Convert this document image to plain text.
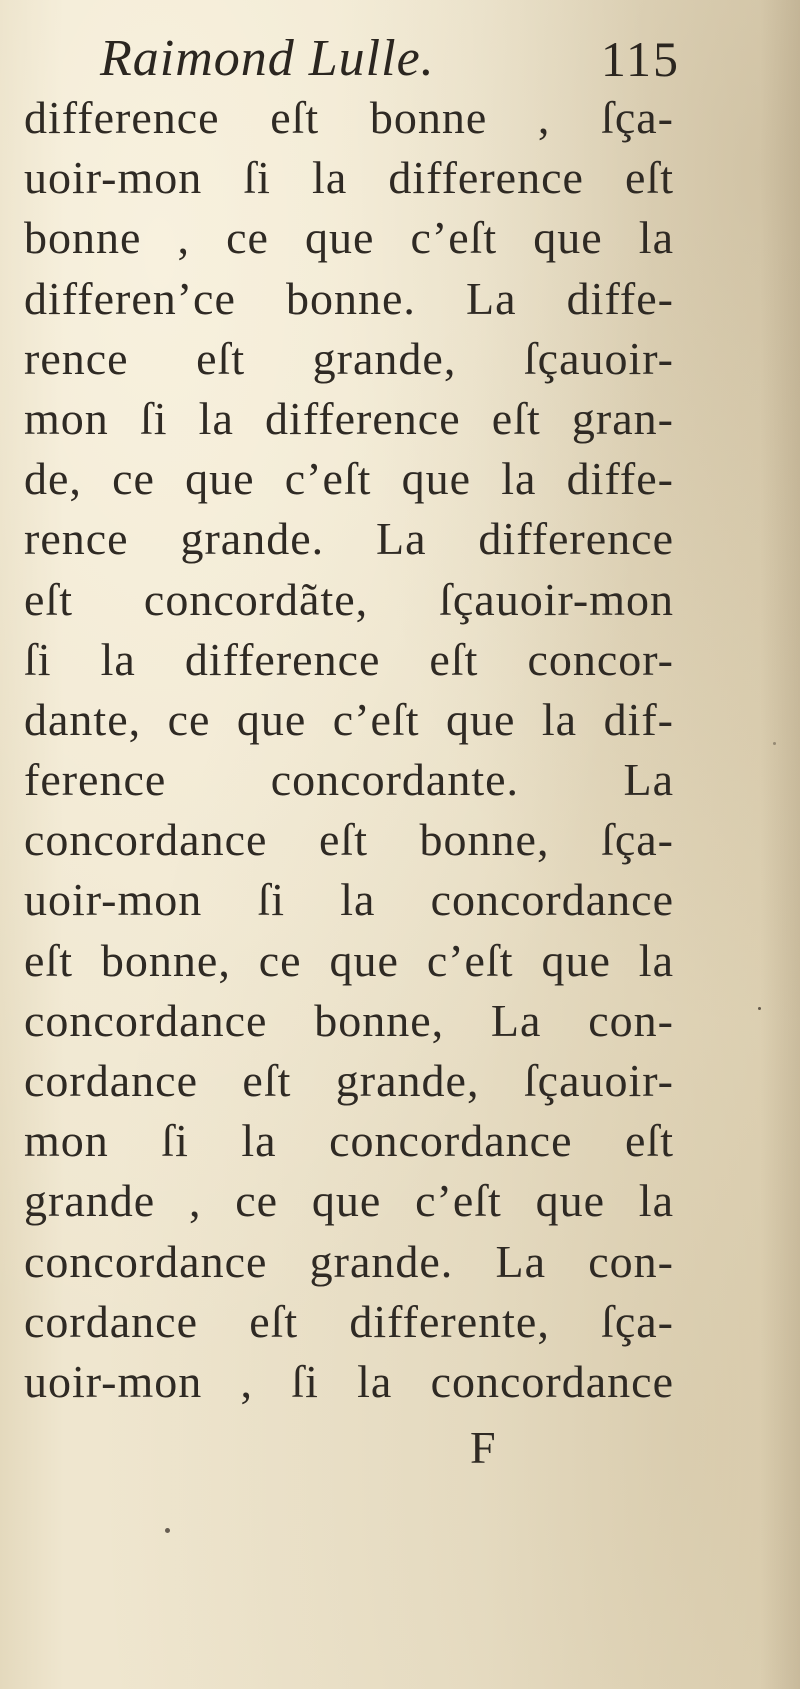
Raimond Lulle.	115
difference eſt bonne , ſça-
uoir-mon ſi la difference eſt
bonne , ce que c’eſt que la
differen’ce bonne. La diffe-
rence eſt grande, ſçauoir-
mon ſi la difference eſt gran-
de, ce que c’eſt que la diffe-
rence grande. La difference
eſt concordãte, ſçauoir-mon
ſi la difference eſt concor-
dante, ce que c’eſt que la dif-
ference concordante. La
concordance eſt bonne, ſça-
uoir-mon ſi la concordance
eſt bonne, ce que c’eſt que la
concordance bonne, La con-
cordance eſt grande, ſçauoir-
mon ſi la concordance eſt
grande , ce que c’eſt que la
concordance grande. La con-
cordance eſt differente, ſça-
uoir-mon , ſi la concordance
F
